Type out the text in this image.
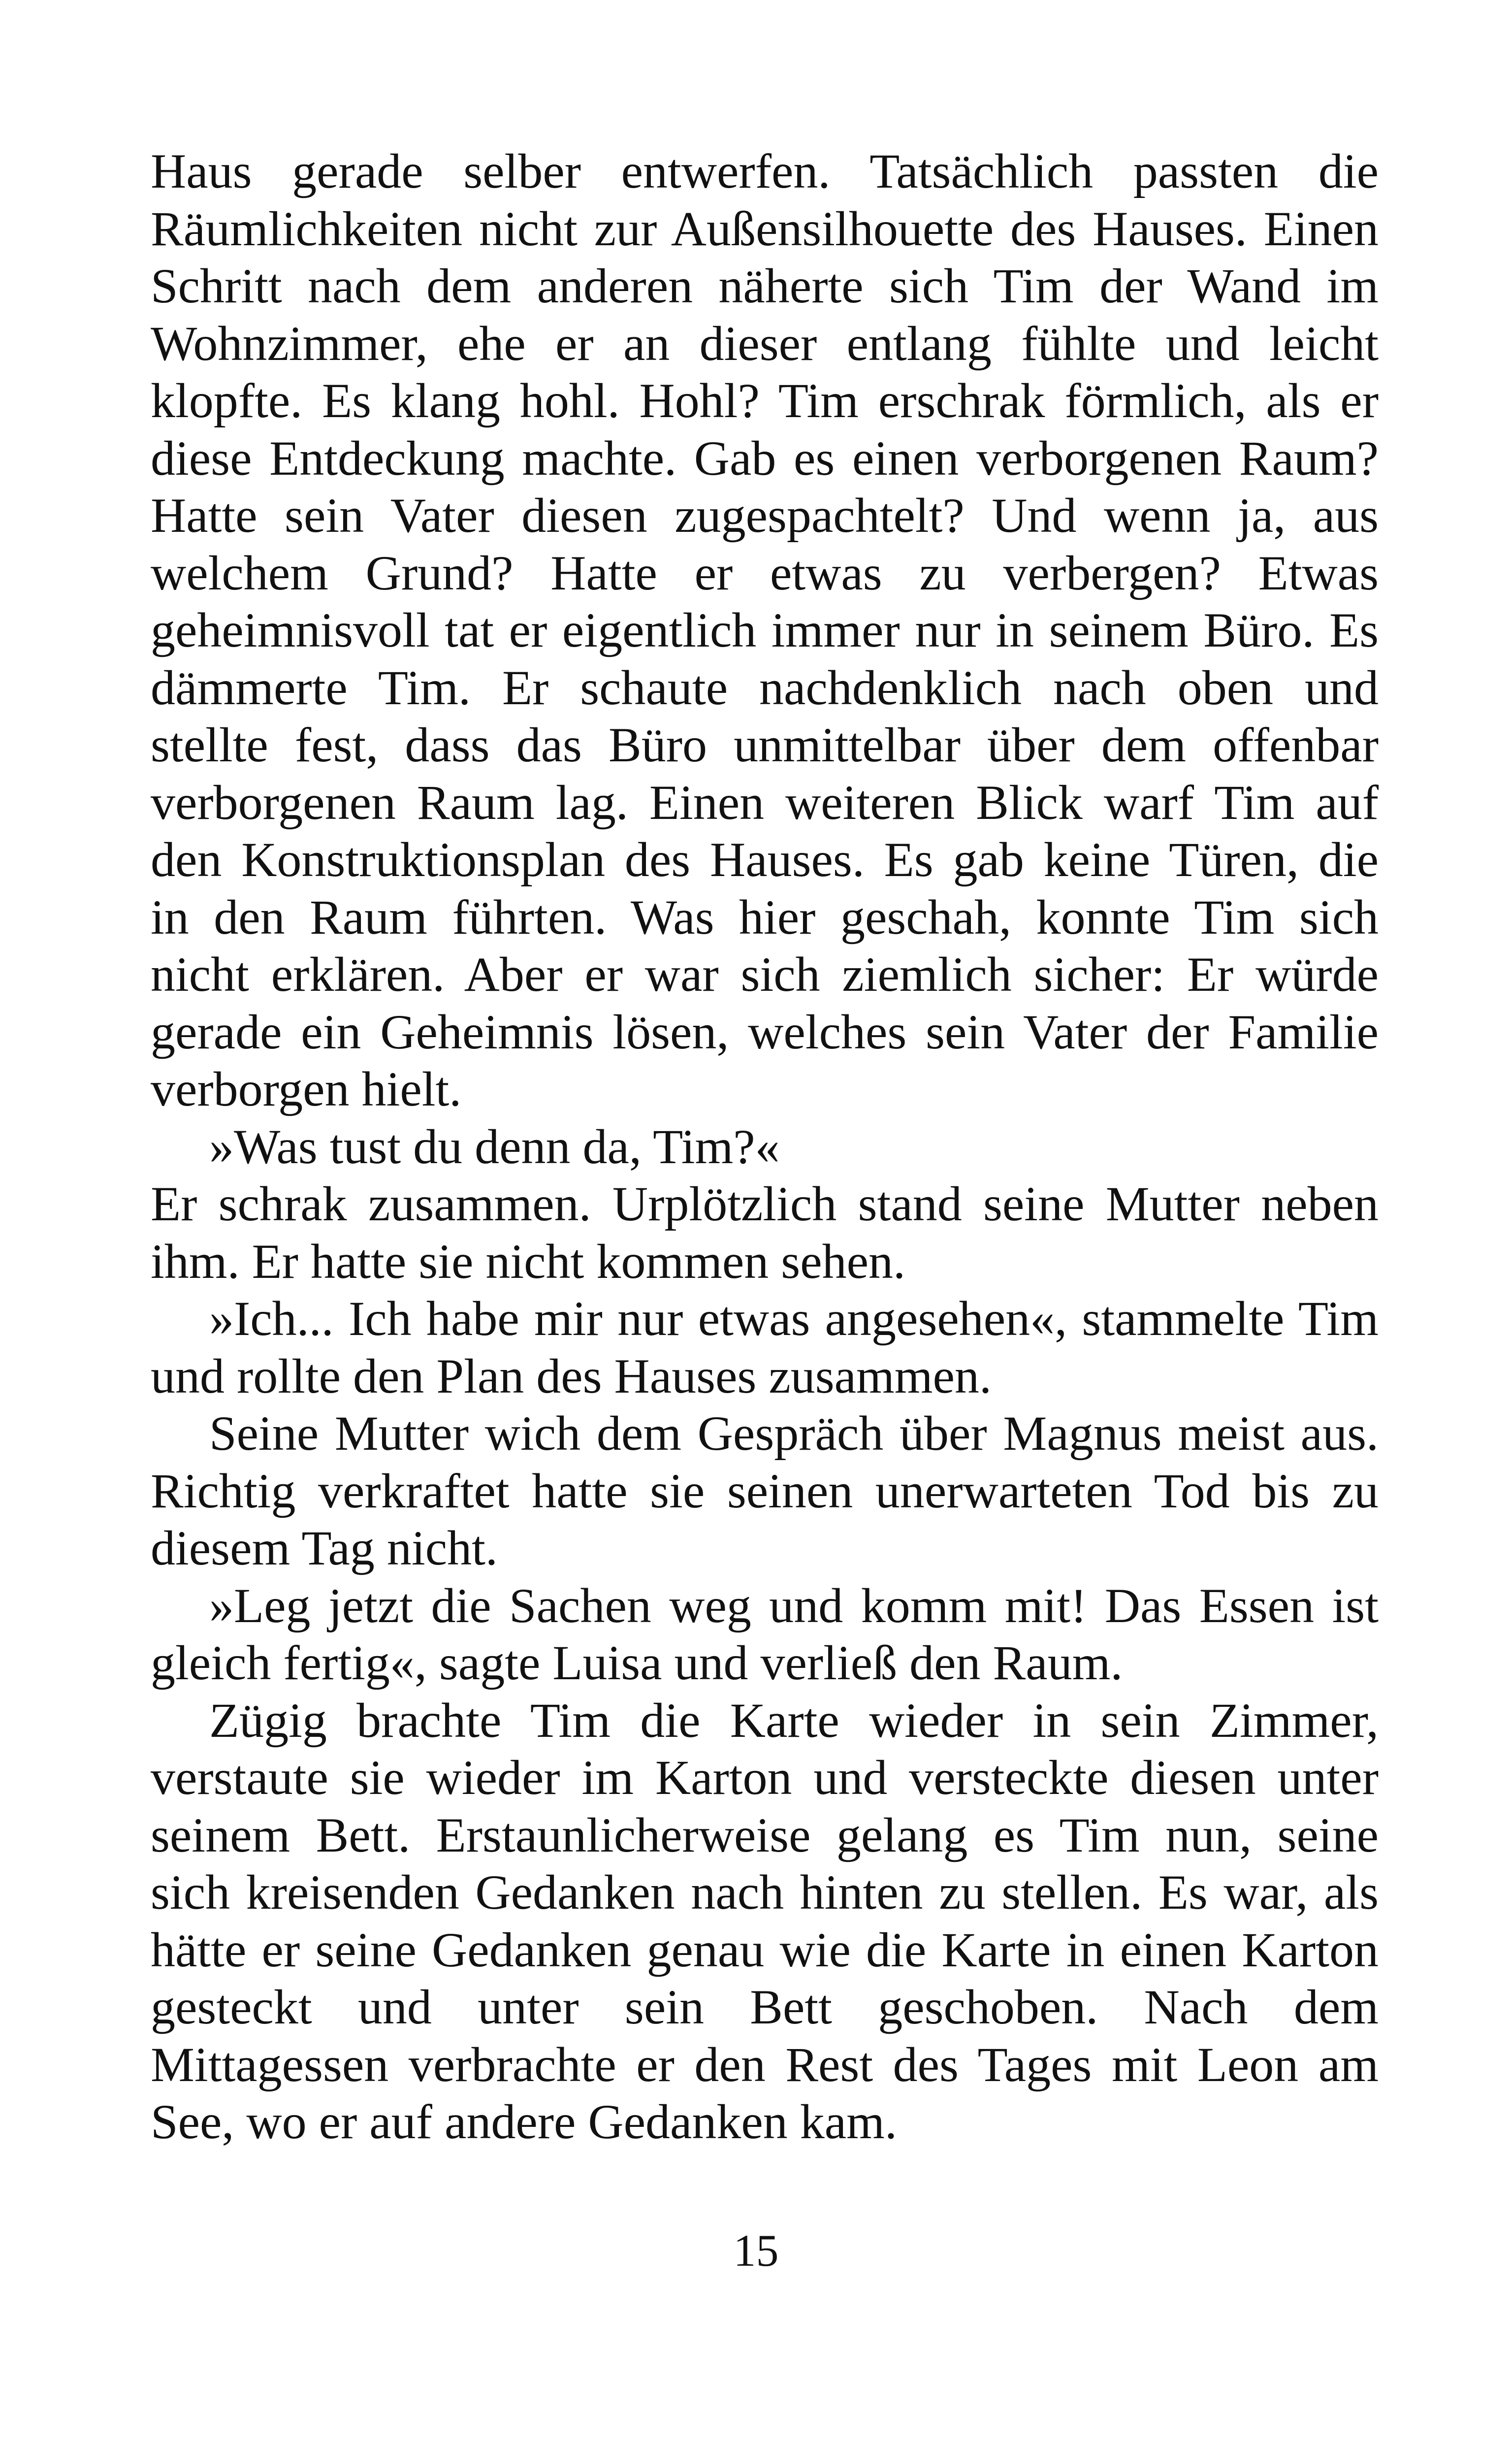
Haus gerade selber entwerfen. Tatsächlich passten die
Räumlichkeiten nicht zur Außensilhouette des Hauses. Einen
Schritt nach dem anderen näherte sich Tim der Wand im
Wohnzimmer, ehe er an dieser entlang fühlte und leicht
klopfte. Es klang hohl. Hohl? Tim erschrak förmlich, als er
diese Entdeckung machte. Gab es einen verborgenen Raum?
Hatte sein Vater diesen zugespachtelt? Und wenn ja, aus
welchem Grund? Hatte er etwas zu verbergen? Etwas
geheimnisvoll tat er eigentlich immer nur in seinem Büro. Es
dämmerte Tim. Er schaute nachdenklich nach oben und
stellte fest, dass das Büro unmittelbar über dem offenbar
verborgenen Raum lag. Einen weiteren Blick warf Tim auf
den Konstruktionsplan des Hauses. Es gab keine Türen, die
in den Raum führten. Was hier geschah, konnte Tim sich
nicht erklären. Aber er war sich ziemlich sicher: Er würde
gerade ein Geheimnis lösen, welches sein Vater der Familie
verborgen hielt.
»Was tust du denn da, Tim?«
Er schrak zusammen. Urplötzlich stand seine Mutter neben
ihm. Er hatte sie nicht kommen sehen.
»Ich... Ich habe mir nur etwas angesehen«, stammelte Tim
und rollte den Plan des Hauses zusammen.
Seine Mutter wich dem Gespräch über Magnus meist aus.
Richtig verkraftet hatte sie seinen unerwarteten Tod bis zu
diesem Tag nicht.
»Leg jetzt die Sachen weg und komm mit! Das Essen ist
gleich fertig«, sagte Luisa und verließ den Raum.
Zügig brachte Tim die Karte wieder in sein Zimmer,
verstaute sie wieder im Karton und versteckte diesen unter
seinem Bett. Erstaunlicherweise gelang es Tim nun, seine
sich kreisenden Gedanken nach hinten zu stellen. Es war, als
hätte er seine Gedanken genau wie die Karte in einen Karton
gesteckt und unter sein Bett geschoben. Nach dem
Mittagessen verbrachte er den Rest des Tages mit Leon am
See, wo er auf andere Gedanken kam.
15
